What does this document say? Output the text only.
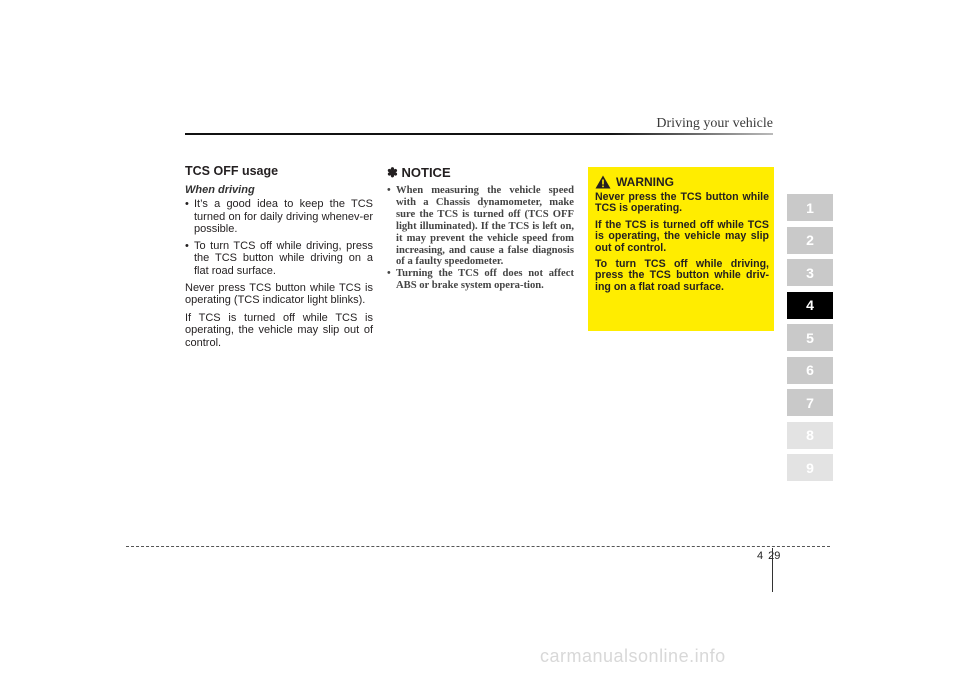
Driving your vehicle
TCS OFF usage
When driving
• It’s a good idea to keep the TCS turned on for daily driving whenev-er possible.
• To turn TCS off while driving, press the TCS button while driving on a flat road surface.

Never press TCS button while TCS is operating (TCS indicator light blinks).

If TCS is turned off while TCS is operating, the vehicle may slip out of control.

✽ NOTICE
• When measuring the vehicle speed with a Chassis dynamometer, make sure the TCS is turned off (TCS OFF light illuminated). If the TCS is left on, it may prevent the vehicle speed from increasing, and cause a false diagnosis of a faulty speedometer.
• Turning the TCS off does not affect ABS or brake system opera-tion.
WARNING

Never press the TCS button while TCS is operating.

If the TCS is turned off while TCS is operating, the vehicle may slip out of control.

To turn TCS off while driving, press the TCS button while driv-ing on a flat road surface.

1
2
3
4
5
6
7
8
9
4 29
carmanualsonline.info
